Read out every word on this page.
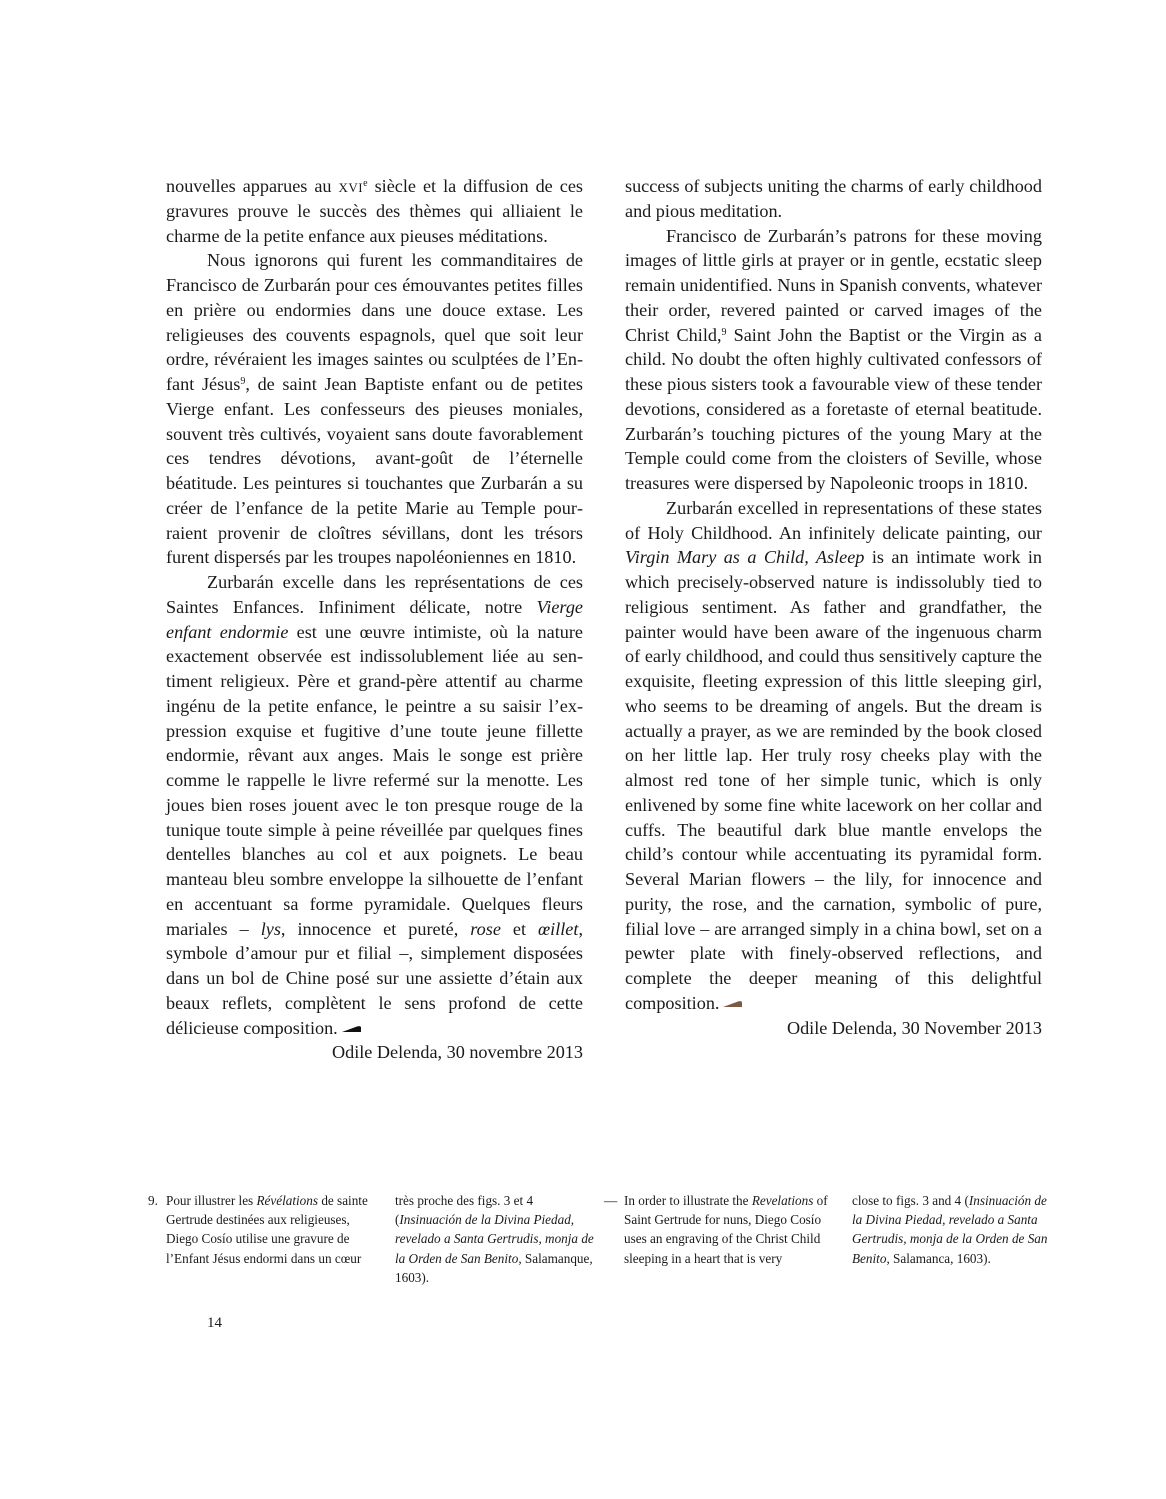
nouvelles apparues au xvi$^e$ siècle et la diffusion de ces gravures prouve le succès des thèmes qui alliaient le charme de la petite enfance aux pieuses méditations.

Nous ignorons qui furent les commanditaires de Francisco de Zurbarán pour ces émouvantes petites filles en prière ou endormies dans une douce extase. Les religieuses des couvents espagnols, quel que soit leur ordre, révéraient les images saintes ou sculptées de l’Enfant Jésus$^9$, de saint Jean Baptiste enfant ou de petites Vierge enfant. Les confesseurs des pieuses moniales, souvent très cultivés, voyaient sans doute favorablement ces tendres dévotions, avant-goût de l’éternelle béatitude. Les peintures si touchantes que Zurbarán a su créer de l’enfance de la petite Marie au Temple pourraient provenir de cloîtres sévillans, dont les trésors furent dispersés par les troupes napoléoniennes en 1810.

Zurbarán excelle dans les représentations de ces Saintes Enfances. Infiniment délicate, notre Vierge enfant endormie est une œuvre intimiste, où la nature exactement observée est indissolublement liée au sentiment religieux. Père et grand-père attentif au charme ingénu de la petite enfance, le peintre a su saisir l’expression exquise et fugitive d’une toute jeune fillette endormie, rêvant aux anges. Mais le songe est prière comme le rappelle le livre refermé sur la menotte. Les joues bien roses jouent avec le ton presque rouge de la tunique toute simple à peine réveillée par quelques fines dentelles blanches au col et aux poignets. Le beau manteau bleu sombre enveloppe la silhouette de l’enfant en accentuant sa forme pyramidale. Quelques fleurs mariales – lys, innocence et pureté, rose et œillet, symbole d’amour pur et filial –, simplement disposées dans un bol de Chine posé sur une assiette d’étain aux beaux reflets, complètent le sens profond de cette délicieuse composition.

Odile Delenda, 30 novembre 2013

success of subjects uniting the charms of early childhood and pious meditation.

Francisco de Zurbarán’s patrons for these moving images of little girls at prayer or in gentle, ecstatic sleep remain unidentified. Nuns in Spanish convents, whatever their order, revered painted or carved images of the Christ Child,$^9$ Saint John the Baptist or the Virgin as a child. No doubt the often highly cultivated confessors of these pious sisters took a favourable view of these tender devotions, considered as a foretaste of eternal beatitude. Zurbarán’s touching pictures of the young Mary at the Temple could come from the cloisters of Seville, whose treasures were dispersed by Napoleonic troops in 1810.

Zurbarán excelled in representations of these states of Holy Childhood. An infinitely delicate painting, our Virgin Mary as a Child, Asleep is an intimate work in which precisely-observed nature is indissolubly tied to religious sentiment. As father and grandfather, the painter would have been aware of the ingenuous charm of early childhood, and could thus sensitively capture the exquisite, fleeting expression of this little sleeping girl, who seems to be dreaming of angels. But the dream is actually a prayer, as we are reminded by the book closed on her little lap. Her truly rosy cheeks play with the almost red tone of her simple tunic, which is only enlivened by some fine white lacework on her collar and cuffs. The beautiful dark blue mantle envelops the child’s contour while accentuating its pyramidal form. Several Marian flowers – the lily, for innocence and purity, the rose, and the carnation, symbolic of pure, filial love – are arranged simply in a china bowl, set on a pewter plate with finely-observed reflections, and complete the deeper meaning of this delightful composition.

Odile Delenda, 30 November 2013

9. Pour illustrer les Révélations de sainte Gertrude destinées aux religieuses, Diego Cosío utilise une gravure de l’Enfant Jésus endormi dans un cœur

très proche des figs. 3 et 4 (Insinuación de la Divina Piedad, revelado a Santa Gertrudis, monja de la Orden de San Benito, Salamanque, 1603).

— In order to illustrate the Revelations of Saint Gertrude for nuns, Diego Cosío uses an engraving of the Christ Child sleeping in a heart that is very

close to figs. 3 and 4 (Insinuación de la Divina Piedad, revelado a Santa Gertrudis, monja de la Orden de San Benito, Salamanca, 1603).

14
